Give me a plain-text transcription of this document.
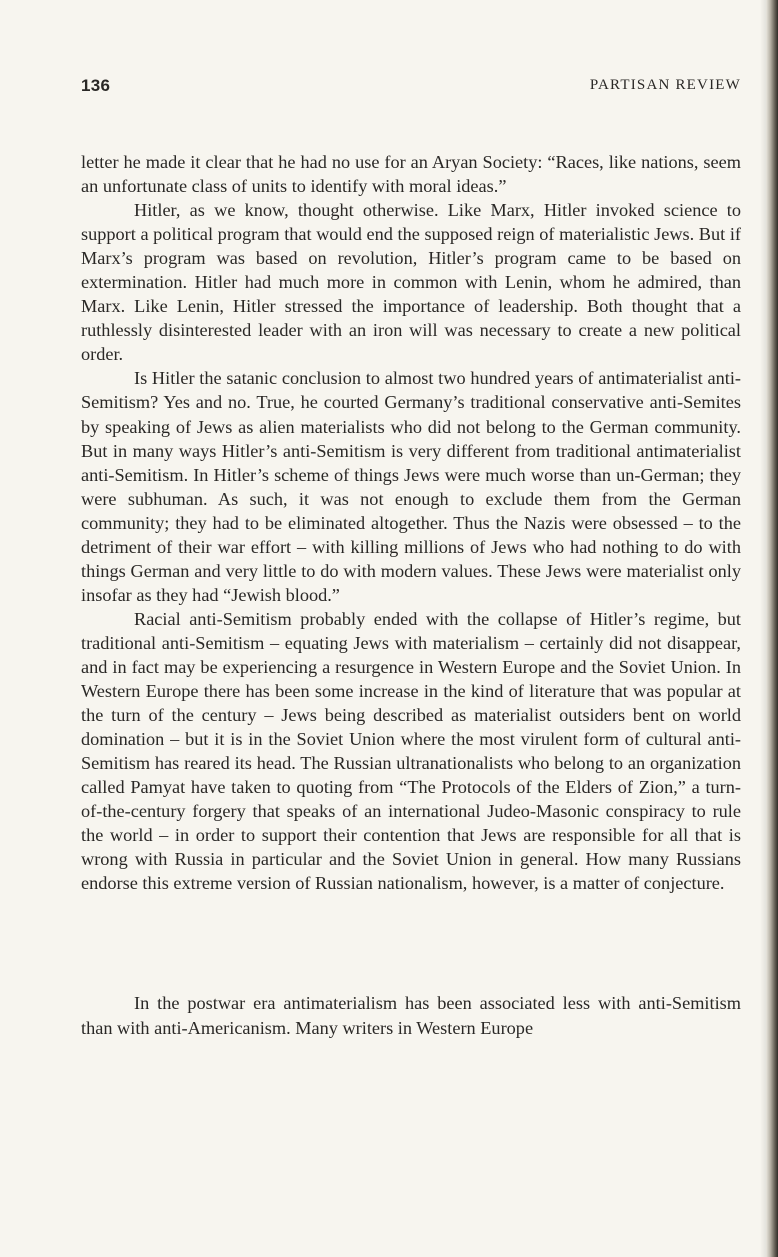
136	PARTISAN REVIEW

letter he made it clear that he had no use for an Aryan Society: “Races, like nations, seem an unfortunate class of units to identify with moral ideas.”

Hitler, as we know, thought otherwise. Like Marx, Hitler invoked science to support a political program that would end the supposed reign of materialistic Jews. But if Marx’s program was based on revolution, Hitler’s program came to be based on extermination. Hitler had much more in common with Lenin, whom he admired, than Marx. Like Lenin, Hitler stressed the importance of leadership. Both thought that a ruthlessly disinterested leader with an iron will was necessary to create a new political order.

Is Hitler the satanic conclusion to almost two hundred years of antimaterialist anti-Semitism? Yes and no. True, he courted Germany’s traditional conservative anti-Semites by speaking of Jews as alien materialists who did not belong to the German community. But in many ways Hitler’s anti-Semitism is very different from traditional antimaterialist anti-Semitism. In Hitler’s scheme of things Jews were much worse than un-German; they were subhuman. As such, it was not enough to exclude them from the German community; they had to be eliminated altogether. Thus the Nazis were obsessed – to the detriment of their war effort – with killing millions of Jews who had nothing to do with things German and very little to do with modern values. These Jews were materialist only insofar as they had “Jewish blood.”

Racial anti-Semitism probably ended with the collapse of Hitler’s regime, but traditional anti-Semitism – equating Jews with materialism – certainly did not disappear, and in fact may be experiencing a resurgence in Western Europe and the Soviet Union. In Western Europe there has been some increase in the kind of literature that was popular at the turn of the century – Jews being described as materialist outsiders bent on world domination – but it is in the Soviet Union where the most virulent form of cultural anti-Semitism has reared its head. The Russian ultranationalists who belong to an organization called Pamyat have taken to quoting from “The Protocols of the Elders of Zion,” a turn-of-the-century forgery that speaks of an international Judeo-Masonic conspiracy to rule the world – in order to support their contention that Jews are responsible for all that is wrong with Russia in particular and the Soviet Union in general. How many Russians endorse this extreme version of Russian nationalism, however, is a matter of conjecture.

In the postwar era antimaterialism has been associated less with anti-Semitism than with anti-Americanism. Many writers in Western Europe
